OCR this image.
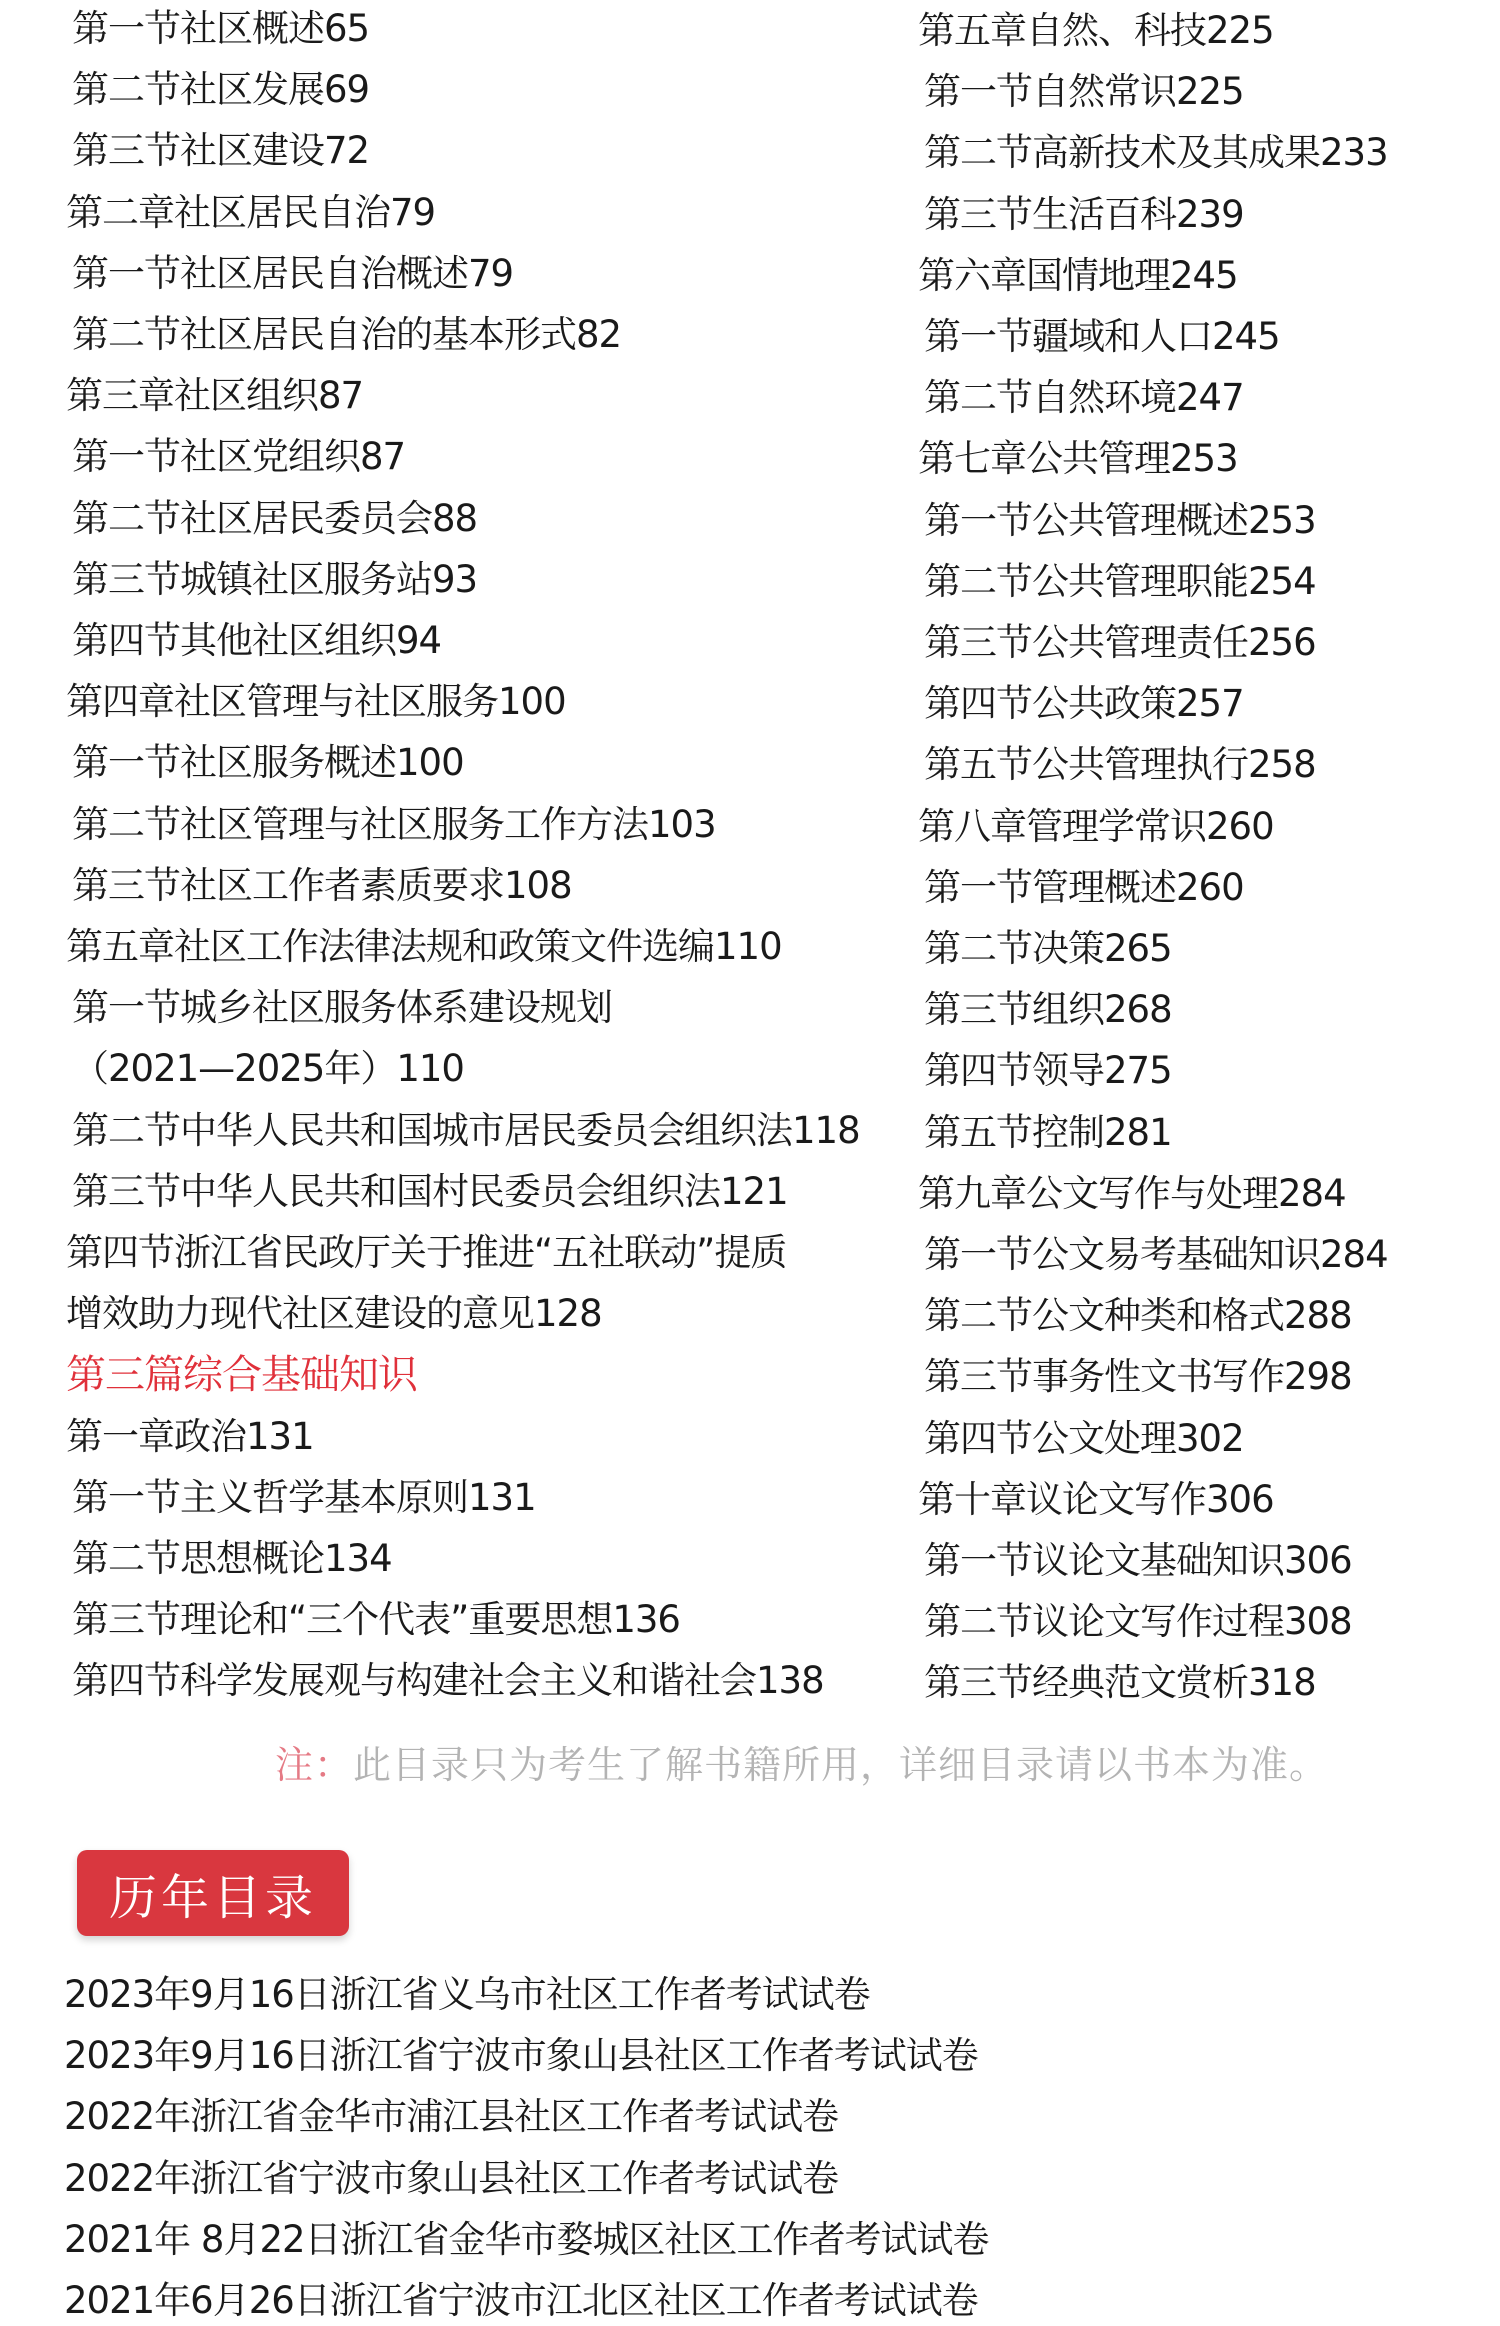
第一节社区概述65
第二节社区发展69
第三节社区建设72
第二章社区居民自治79
第一节社区居民自治概述79
第二节社区居民自治的基本形式82
第三章社区组织87
第一节社区党组织87
第二节社区居民委员会88
第三节城镇社区服务站93
第四节其他社区组织94
第四章社区管理与社区服务100
第一节社区服务概述100
第二节社区管理与社区服务工作方法103
第三节社区工作者素质要求108
第五章社区工作法律法规和政策文件选编110
第一节城乡社区服务体系建设规划
（2021—2025年）110
第二节中华人民共和国城市居民委员会组织法118
第三节中华人民共和国村民委员会组织法121
第四节浙江省民政厅关于推进“五社联动”提质
增效助力现代社区建设的意见128
第三篇综合基础知识
第一章政治131
第一节主义哲学基本原则131
第二节思想概论134
第三节理论和“三个代表”重要思想136
第四节科学发展观与构建社会主义和谐社会138
第五章自然、科技225
第一节自然常识225
第二节高新技术及其成果233
第三节生活百科239
第六章国情地理245
第一节疆域和人口245
第二节自然环境247
第七章公共管理253
第一节公共管理概述253
第二节公共管理职能254
第三节公共管理责任256
第四节公共政策257
第五节公共管理执行258
第八章管理学常识260
第一节管理概述260
第二节决策265
第三节组织268
第四节领导275
第五节控制281
第九章公文写作与处理284
第一节公文易考基础知识284
第二节公文种类和格式288
第三节事务性文书写作298
第四节公文处理302
第十章议论文写作306
第一节议论文基础知识306
第二节议论文写作过程308
第三节经典范文赏析318
注：此目录只为考生了解书籍所用，详细目录请以书本为准。
历年目录
2023年9月16日浙江省义乌市社区工作者考试试卷
2023年9月16日浙江省宁波市象山县社区工作者考试试卷
2022年浙江省金华市浦江县社区工作者考试试卷
2022年浙江省宁波市象山县社区工作者考试试卷
2021年 8月22日浙江省金华市婺城区社区工作者考试试卷
2021年6月26日浙江省宁波市江北区社区工作者考试试卷
